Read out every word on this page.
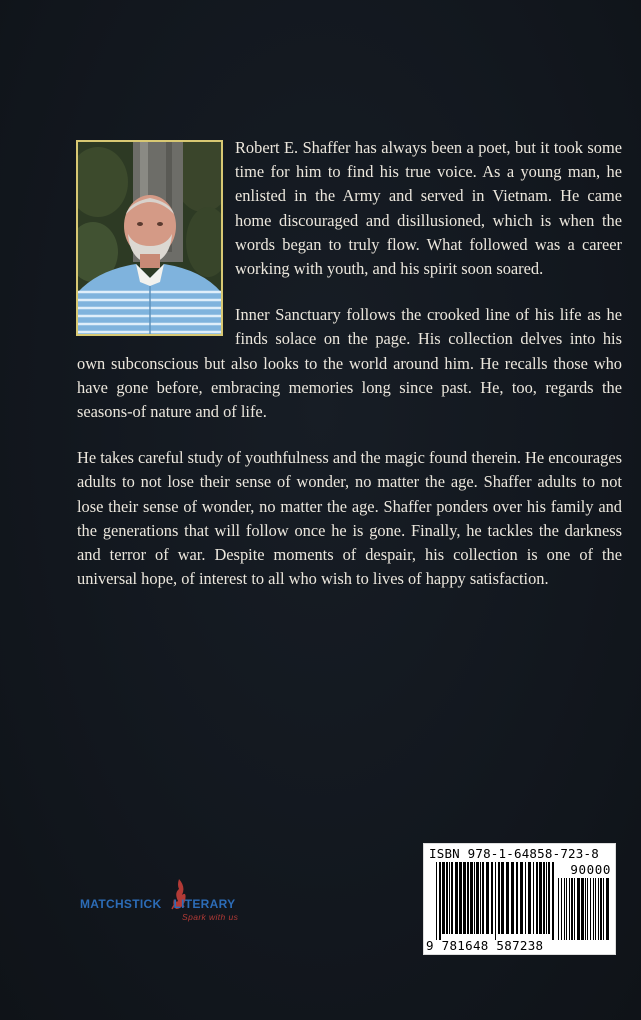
Robert E. Shaffer has always been a poet, but it took some time for him to find his true voice. As a young man, he enlisted in the Army and served in Vietnam. He came home discouraged and disillusioned, which is when the words began to truly flow. What followed was a career working with youth, and his spirit soon soared.

Inner Sanctuary follows the crooked line of his life as he finds solace on the page. His collection delves into his own subconscious but also looks to the world around him. He recalls those who have gone before, embracing memories long since past. He, too, regards the seasons-of nature and of life.

He takes careful study of youthfulness and the magic found therein. He encourages adults to not lose their sense of wonder, no matter the age. Shaffer adults to not lose their sense of wonder, no matter the age. Shaffer ponders over his family and the generations that will follow once he is gone. Finally, he tackles the darkness and terror of war. Despite moments of despair, his collection is one of the universal hope, of interest to all who wish to lives of happy satisfaction.

MATCHSTICK LITERARY
Spark with us
ISBN 978-1-64858-723-8
90000
9 781648 587238
